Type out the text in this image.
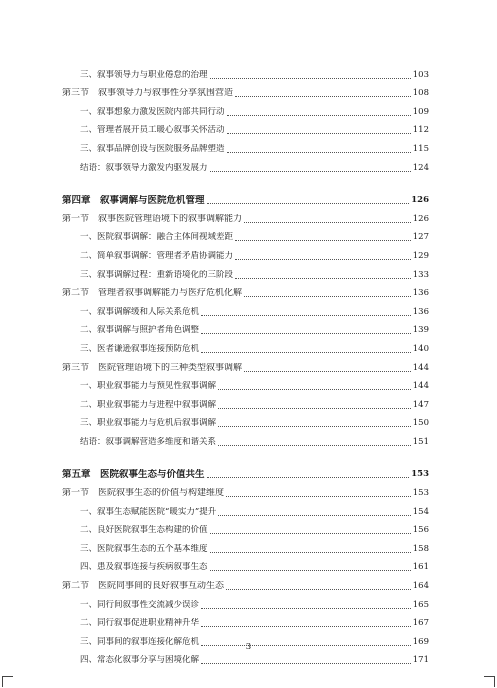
三、叙事领导力与职业倦怠的治理	103
第三节　叙事领导力与叙事性分享氛围营造	108
一、叙事想象力激发医院内部共同行动	109
二、管理者展开员工暖心叙事关怀活动	112
三、叙事品牌创设与医院服务品牌塑造	115
结语：叙事领导力激发内驱发展力	124
第四章　叙事调解与医院危机管理	126
第一节　叙事医院管理语境下的叙事调解能力	126
一、医院叙事调解：融合主体间视域差距	127
二、简单叙事调解：管理者矛盾协调能力	129
三、叙事调解过程：重新语境化的三阶段	133
第二节　管理者叙事调解能力与医疗危机化解	136
一、叙事调解缓和人际关系危机	136
二、叙事调解与照护者角色调整	139
三、医者谦逊叙事连接预防危机	140
第三节　医院管理语境下的三种类型叙事调解	144
一、职业叙事能力与预见性叙事调解	144
二、职业叙事能力与进程中叙事调解	147
三、职业叙事能力与危机后叙事调解	150
结语：叙事调解营造多维度和谐关系	151
第五章　医院叙事生态与价值共生	153
第一节　医院叙事生态的价值与构建维度	153
一、叙事生态赋能医院“暖实力”提升	154
二、良好医院叙事生态构建的价值	156
三、医院叙事生态的五个基本维度	158
四、患及叙事连接与疾病叙事生态	161
第二节　医院同事间的良好叙事互动生态	164
一、同行间叙事性交流减少误诊	165
二、同行叙事促进职业精神升华	167
三、同事间的叙事连接化解危机	169
四、常态化叙事分享与困境化解	171
3
